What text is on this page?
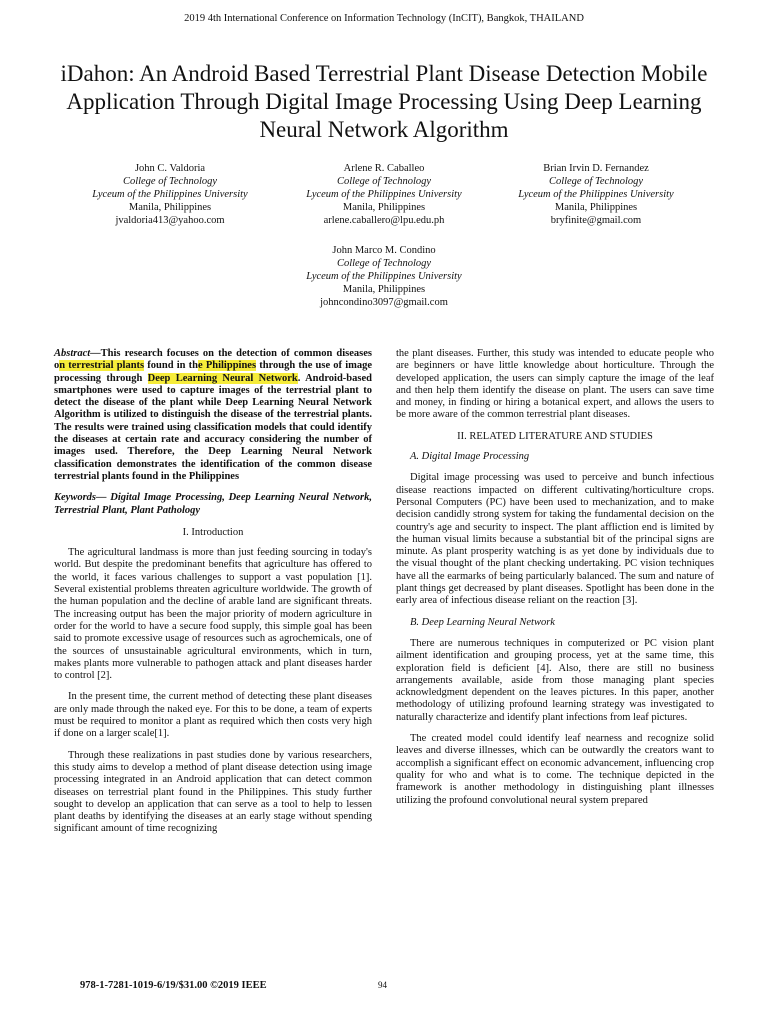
2019 4th International Conference on Information Technology (InCIT), Bangkok, THAILAND
iDahon: An Android Based Terrestrial Plant Disease Detection Mobile Application Through Digital Image Processing Using Deep Learning Neural Network Algorithm
John C. Valdoria
College of Technology
Lyceum of the Philippines University
Manila, Philippines
jvaldoria413@yahoo.com
Arlene R. Caballeo
College of Technology
Lyceum of the Philippines University
Manila, Philippines
arlene.caballero@lpu.edu.ph
Brian Irvin D. Fernandez
College of Technology
Lyceum of the Philippines University
Manila, Philippines
bryfinite@gmail.com
John Marco M. Condino
College of Technology
Lyceum of the Philippines University
Manila, Philippines
johncondino3097@gmail.com

Abstract—This research focuses on the detection of common diseases on terrestrial plants found in the Philippines through the use of image processing through Deep Learning Neural Network. Android-based smartphones were used to capture images of the terrestrial plant to detect the disease of the plant while Deep Learning Neural Network Algorithm is utilized to distinguish the disease of the terrestrial plants. The results were trained using classification models that could identify the diseases at certain rate and accuracy considering the number of images used. Therefore, the Deep Learning Neural Network classification demonstrates the identification of the common disease terrestrial plants found in the Philippines

Keywords— Digital Image Processing, Deep Learning Neural Network, Terrestrial Plant, Plant Pathology

I. Introduction

The agricultural landmass is more than just feeding sourcing in today's world. But despite the predominant benefits that agriculture has offered to the world, it faces various challenges to support a vast population [1]. Several existential problems threaten agriculture worldwide. The growth of the human population and the decline of arable land are significant threats. The increasing output has been the major priority of modern agriculture in order for the world to have a secure food supply, this simple goal has been said to promote excessive usage of resources such as agrochemicals, one of the sources of unsustainable agricultural environments, which in turn, makes plants more vulnerable to pathogen attack and plant diseases harder to control [2].

In the present time, the current method of detecting these plant diseases are only made through the naked eye. For this to be done, a team of experts must be required to monitor a plant as required which then costs very high if done on a larger scale[1].

Through these realizations in past studies done by various researchers, this study aims to develop a method of plant disease detection using image processing integrated in an Android application that can detect common diseases on terrestrial plant found in the Philippines. This study further sought to develop an application that can serve as a tool to help to lessen plant deaths by identifying the diseases at an early stage without spending significant amount of time recognizing

the plant diseases. Further, this study was intended to educate people who are beginners or have little knowledge about horticulture. Through the developed application, the users can simply capture the image of the leaf and then help them identify the disease on plant. The users can save time and money, in finding or hiring a botanical expert, and allows the users to be more aware of the common terrestrial plant diseases.

II. RELATED LITERATURE AND STUDIES

A. Digital Image Processing

Digital image processing was used to perceive and bunch infectious disease reactions impacted on different cultivating/horticulture crops. Personal Computers (PC) have been used to mechanization, and to make decision candidly strong system for taking the fundamental decision on the country's age and security to inspect. The plant affliction end is limited by the human visual limits because a substantial bit of the principal signs are minute. As plant prosperity watching is as yet done by individuals due to the visual thought of the plant checking undertaking. PC vision techniques have all the earmarks of being particularly balanced. The sum and nature of plant things get decreased by plant diseases. Spotlight has been done in the early area of infectious disease reliant on the reaction [3].

B. Deep Learning Neural Network

There are numerous techniques in computerized or PC vision plant ailment identification and grouping process, yet at the same time, this exploration field is deficient [4]. Also, there are still no business arrangements available, aside from those managing plant species acknowledgment dependent on the leaves pictures. In this paper, another methodology of utilizing profound learning strategy was investigated to naturally characterize and identify plant infections from leaf pictures.

The created model could identify leaf nearness and recognize solid leaves and diverse illnesses, which can be outwardly the creators want to accomplish a significant effect on economic advancement, influencing crop quality for who and what is to come. The technique depicted in the framework is another methodology in distinguishing plant illnesses utilizing the profound convolutional neural system prepared

978-1-7281-1019-6/19/$31.00 ©2019 IEEE	94
